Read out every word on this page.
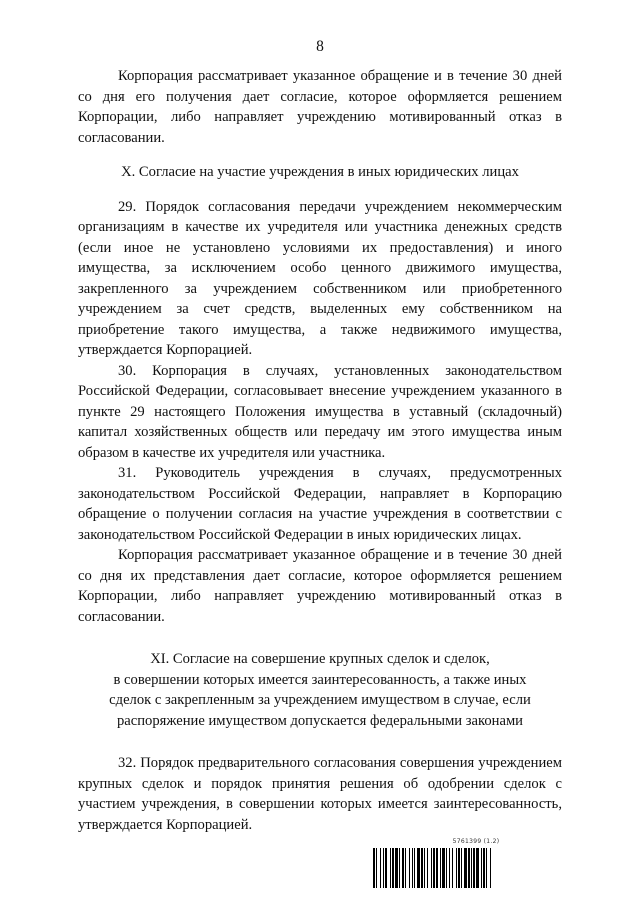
8

Корпорация рассматривает указанное обращение и в течение 30 дней со дня его получения дает согласие, которое оформляется решением Корпорации, либо направляет учреждению мотивированный отказ в согласовании.

X. Согласие на участие учреждения в иных юридических лицах

29. Порядок согласования передачи учреждением некоммерческим организациям в качестве их учредителя или участника денежных средств (если иное не установлено условиями их предоставления) и иного имущества, за исключением особо ценного движимого имущества, закрепленного за учреждением собственником или приобретенного учреждением за счет средств, выделенных ему собственником на приобретение такого имущества, а также недвижимого имущества, утверждается Корпорацией.

30. Корпорация в случаях, установленных законодательством Российской Федерации, согласовывает внесение учреждением указанного в пункте 29 настоящего Положения имущества в уставный (складочный) капитал хозяйственных обществ или передачу им этого имущества иным образом в качестве их учредителя или участника.

31. Руководитель учреждения в случаях, предусмотренных законодательством Российской Федерации, направляет в Корпорацию обращение о получении согласия на участие учреждения в соответствии с законодательством Российской Федерации в иных юридических лицах.

Корпорация рассматривает указанное обращение и в течение 30 дней со дня их представления дает согласие, которое оформляется решением Корпорации, либо направляет учреждению мотивированный отказ в согласовании.

XI. Согласие на совершение крупных сделок и сделок,

в совершении которых имеется заинтересованность, а также иных

сделок с закрепленным за учреждением имуществом в случае, если

распоряжение имуществом допускается федеральными законами

32. Порядок предварительного согласования совершения учреждением крупных сделок и порядок принятия решения об одобрении сделок с участием учреждения, в совершении которых имеется заинтересованность, утверждается Корпорацией.

5761399 (1.2)
